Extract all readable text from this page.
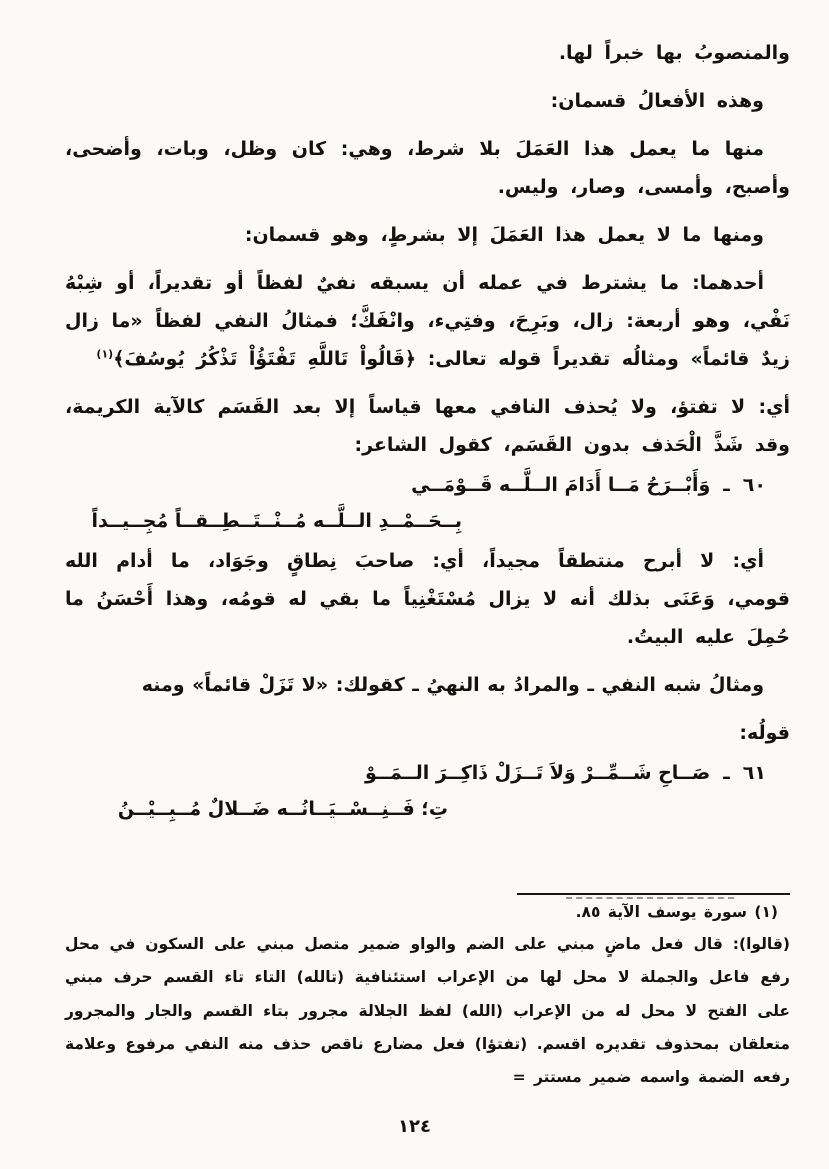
والمنصوبُ بها خبراً لها.

وهذه الأفعالُ قسمان:

منها ما يعمل هذا العَمَلَ بلا شرط، وهي: كان وظل، وبات، وأضحى، وأصبح، وأمسى، وصار، وليس.

ومنها ما لا يعمل هذا العَمَلَ إلا بشرطٍ، وهو قسمان:

أحدهما: ما يشترط في عمله أن يسبقه نفيٌ لفظاً أو تقديراً، أو شِبْهُ نَفْي، وهو أربعة: زال، وبَرِحَ، وفتِيء، وانْفَكَّ؛ فمثالُ النفي لفظاً «ما زال زيدٌ قائماً» ومثالُه تقديراً قوله تعالى: ﴿قَالُواْ تَاللَّهِ تَفْتَؤُاْ تَذْكُرُ يُوسُفَ﴾$^{(١)}$

أي: لا تفتؤ، ولا يُحذف النافي معها قياساً إلا بعد القَسَم كالآية الكريمة، وقد شَذَّ الْحَذف بدون القَسَم، كقول الشاعر:

٦٠
ـ
وَأَبْــرَحُ مَــا أَدَامَ الــلَّــه قَــوْمَــي
بِــحَــمْــدِ الــلَّــه مُــنْــتَــطِــقــاً مُجِــيــداً

أي: لا أبرح منتطقاً مجيداً، أي: صاحبَ نِطاقٍ وجَوَاد، ما أدام الله قومي، وَعَنَى بذلك أنه لا يزال مُسْتَغْنِياً ما بقي له قومُه، وهذا أَحْسَنُ ما حُمِلَ عليه البيتُ.

ومثالُ شبه النفي ـ والمرادُ به النهيُ ـ كقولك: «لا تَزَلْ قائماً» ومنه

قولُه:

٦١
ـ
صَــاحِ شَــمِّــرْ وَلاَ تَــزَلْ ذَاكِــرَ الــمَــوْ
تِ؛ فَــنِــسْــيَــانُــه ضَــلالٌ مُــبِــيْــنُ

(١) سورة يوسف الآية ٨٥.

(قالوا): قال فعل ماضٍ مبني على الضم والواو ضمير متصل مبني على السكون في محل رفع فاعل والجملة لا محل لها من الإعراب استئنافية (تالله) التاء تاء القسم حرف مبني على الفتح لا محل له من الإعراب (الله) لفظ الجلالة مجرور بتاء القسم والجار والمجرور متعلقان بمحذوف تقديره اقسم. (تفتؤا) فعل مضارع ناقص حذف منه النفي مرفوع وعلامة رفعه الضمة واسمه ضمير مستتر =

١٢٤
